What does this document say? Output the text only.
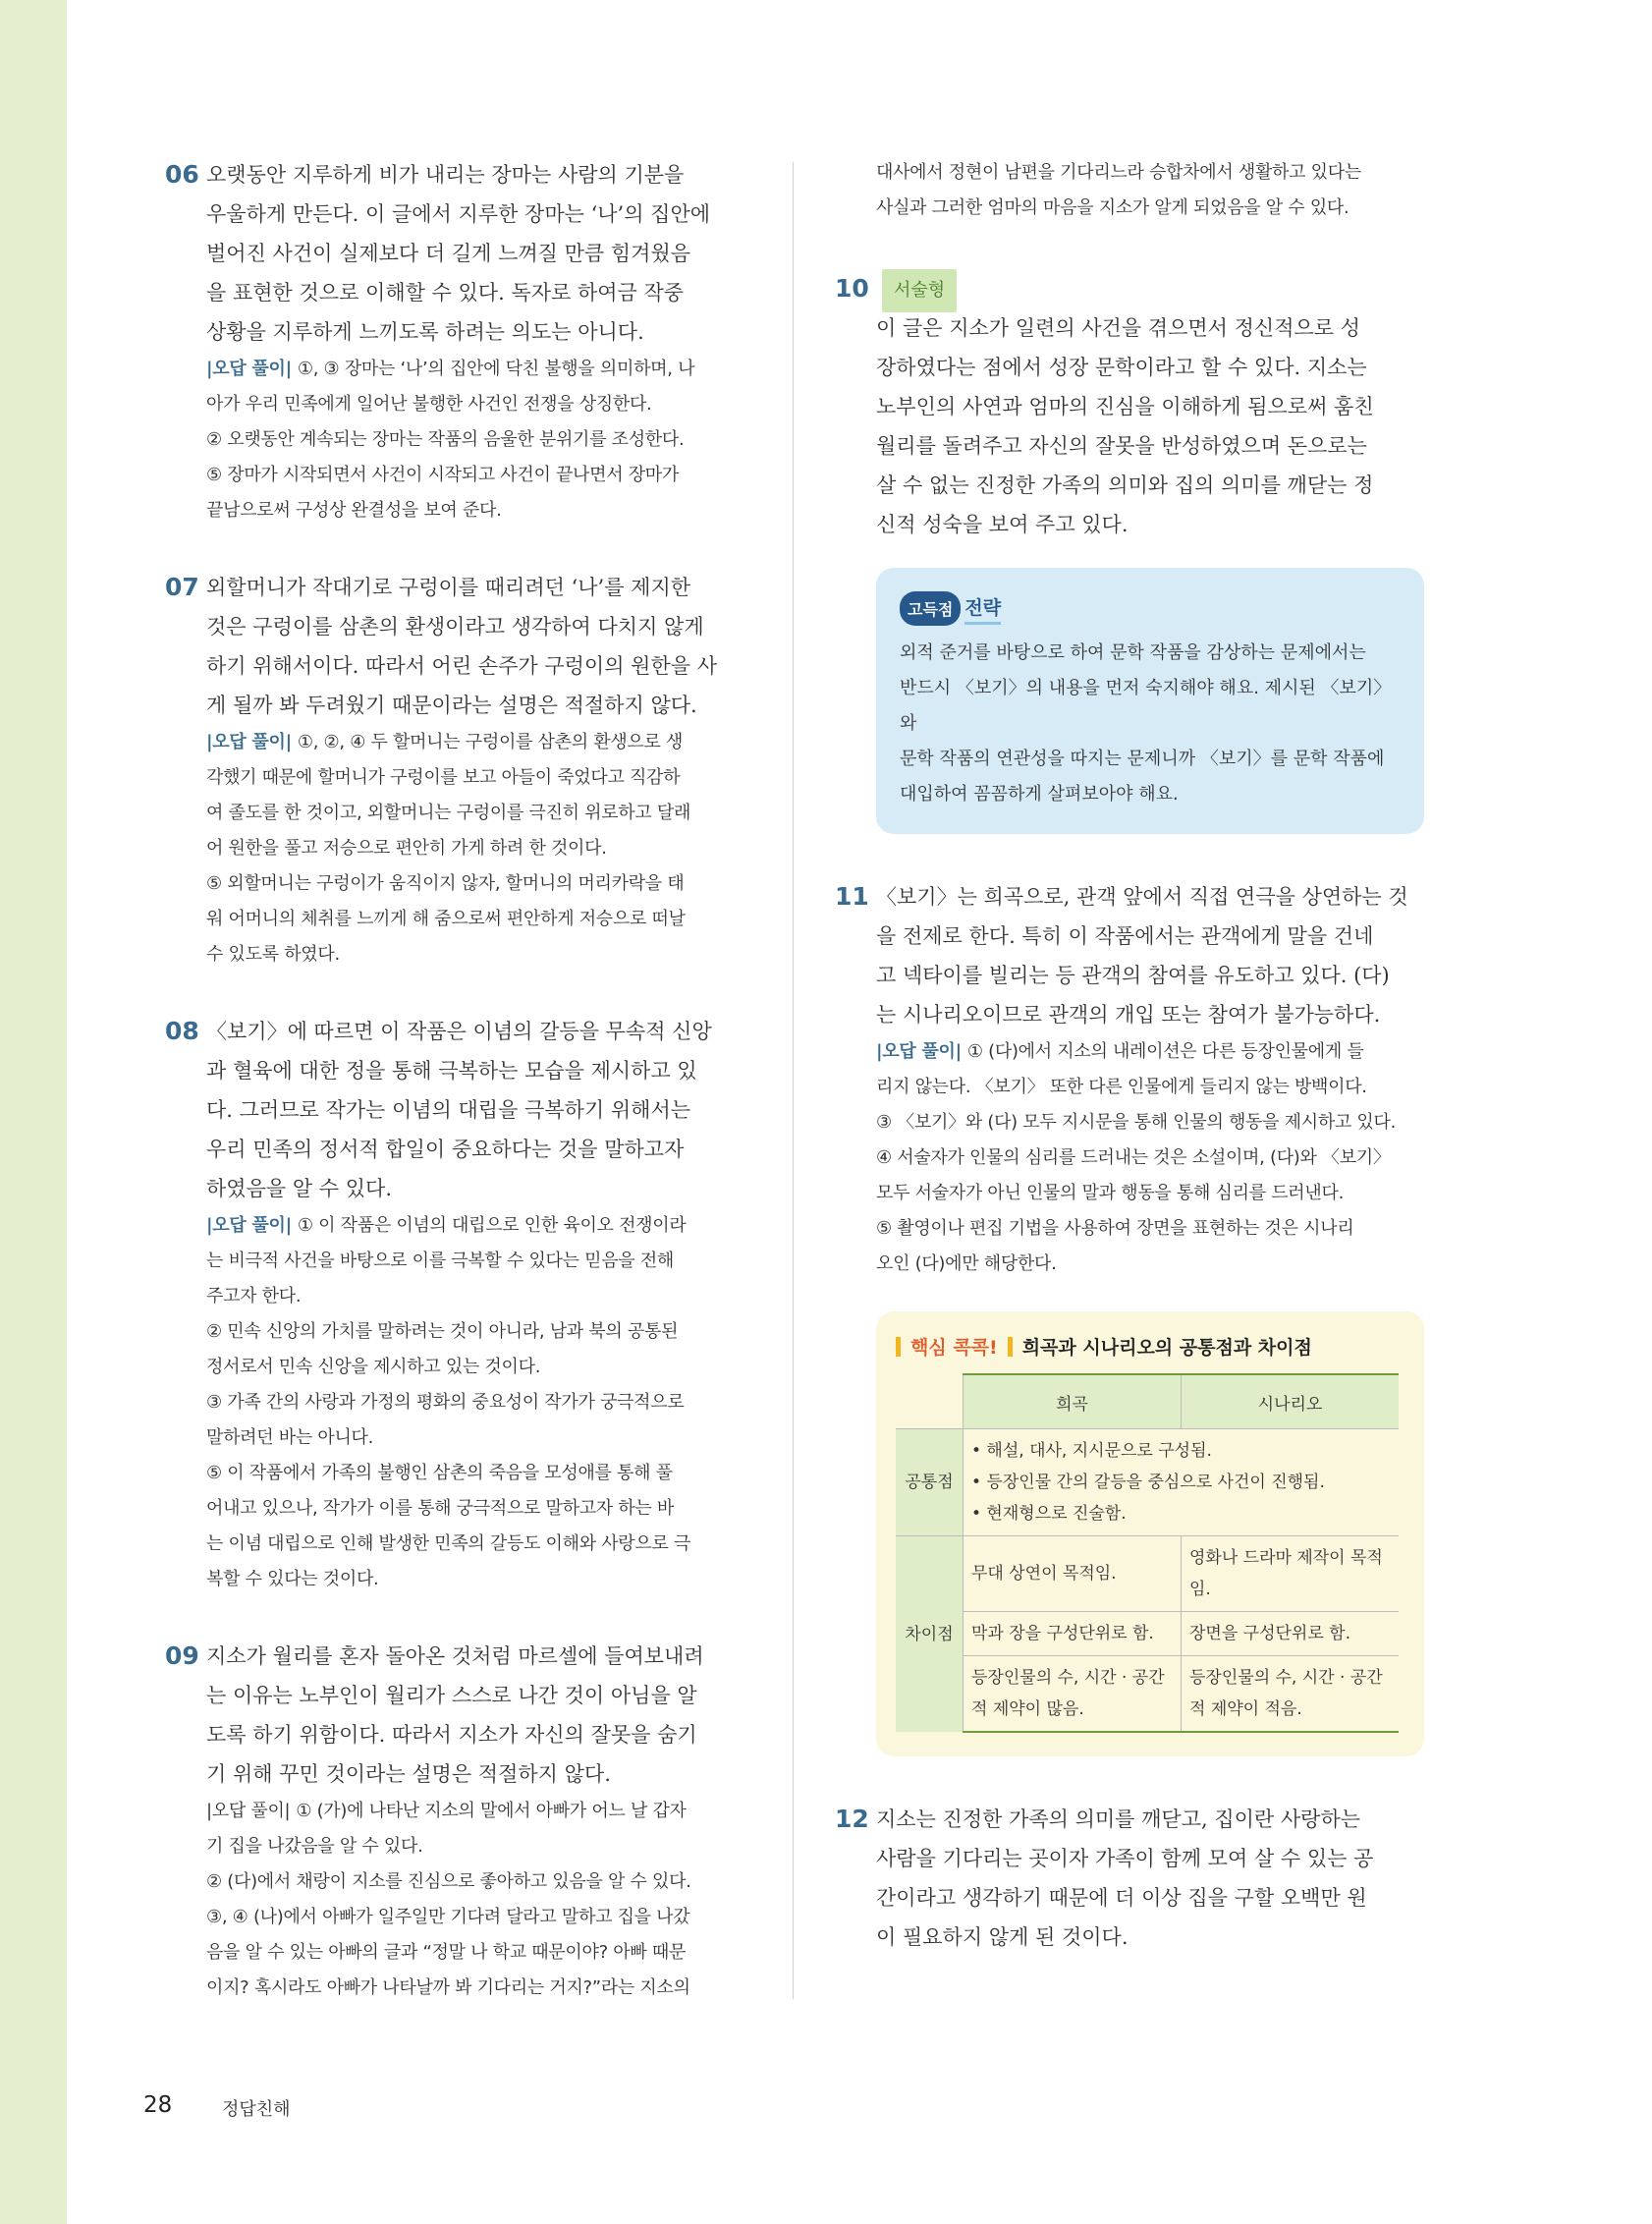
06 오랫동안 지루하게 비가 내리는 장마는 사람의 기분을
우울하게 만든다. 이 글에서 지루한 장마는 ‘나’의 집안에
벌어진 사건이 실제보다 더 길게 느껴질 만큼 힘겨웠음
을 표현한 것으로 이해할 수 있다. 독자로 하여금 작중
상황을 지루하게 느끼도록 하려는 의도는 아니다.

|오답 풀이| ①, ③ 장마는 ‘나’의 집안에 닥친 불행을 의미하며, 나
아가 우리 민족에게 일어난 불행한 사건인 전쟁을 상징한다.
② 오랫동안 계속되는 장마는 작품의 음울한 분위기를 조성한다.
⑤ 장마가 시작되면서 사건이 시작되고 사건이 끝나면서 장마가
끝남으로써 구성상 완결성을 보여 준다.

07 외할머니가 작대기로 구렁이를 때리려던 ‘나’를 제지한
것은 구렁이를 삼촌의 환생이라고 생각하여 다치지 않게
하기 위해서이다. 따라서 어린 손주가 구렁이의 원한을 사
게 될까 봐 두려웠기 때문이라는 설명은 적절하지 않다.

|오답 풀이| ①, ②, ④ 두 할머니는 구렁이를 삼촌의 환생으로 생
각했기 때문에 할머니가 구렁이를 보고 아들이 죽었다고 직감하
여 졸도를 한 것이고, 외할머니는 구렁이를 극진히 위로하고 달래
어 원한을 풀고 저승으로 편안히 가게 하려 한 것이다.
⑤ 외할머니는 구렁이가 움직이지 않자, 할머니의 머리카락을 태
워 어머니의 체취를 느끼게 해 줌으로써 편안하게 저승으로 떠날
수 있도록 하였다.

08 〈보기〉에 따르면 이 작품은 이념의 갈등을 무속적 신앙
과 혈육에 대한 정을 통해 극복하는 모습을 제시하고 있
다. 그러므로 작가는 이념의 대립을 극복하기 위해서는
우리 민족의 정서적 합일이 중요하다는 것을 말하고자
하였음을 알 수 있다.

|오답 풀이| ① 이 작품은 이념의 대립으로 인한 육이오 전쟁이라
는 비극적 사건을 바탕으로 이를 극복할 수 있다는 믿음을 전해
주고자 한다.
② 민속 신앙의 가치를 말하려는 것이 아니라, 남과 북의 공통된
정서로서 민속 신앙을 제시하고 있는 것이다.
③ 가족 간의 사랑과 가정의 평화의 중요성이 작가가 궁극적으로
말하려던 바는 아니다.
⑤ 이 작품에서 가족의 불행인 삼촌의 죽음을 모성애를 통해 풀
어내고 있으나, 작가가 이를 통해 궁극적으로 말하고자 하는 바
는 이념 대립으로 인해 발생한 민족의 갈등도 이해와 사랑으로 극
복할 수 있다는 것이다.

09 지소가 월리를 혼자 돌아온 것처럼 마르셀에 들여보내려
는 이유는 노부인이 월리가 스스로 나간 것이 아님을 알
도록 하기 위함이다. 따라서 지소가 자신의 잘못을 숨기
기 위해 꾸민 것이라는 설명은 적절하지 않다.

|오답 풀이| ① (가)에 나타난 지소의 말에서 아빠가 어느 날 갑자
기 집을 나갔음을 알 수 있다.
② (다)에서 채랑이 지소를 진심으로 좋아하고 있음을 알 수 있다.
③, ④ (나)에서 아빠가 일주일만 기다려 달라고 말하고 집을 나갔
음을 알 수 있는 아빠의 글과 “정말 나 학교 때문이야? 아빠 때문
이지? 혹시라도 아빠가 나타날까 봐 기다리는 거지?”라는 지소의

대사에서 정현이 남편을 기다리느라 승합차에서 생활하고 있다는
사실과 그러한 엄마의 마음을 지소가 알게 되었음을 알 수 있다.

10	서술형

이 글은 지소가 일련의 사건을 겪으면서 정신적으로 성
장하였다는 점에서 성장 문학이라고 할 수 있다. 지소는
노부인의 사연과 엄마의 진심을 이해하게 됨으로써 훔친
월리를 돌려주고 자신의 잘못을 반성하였으며 돈으로는
살 수 없는 진정한 가족의 의미와 집의 의미를 깨닫는 정
신적 성숙을 보여 주고 있다.

고득점 전략

외적 준거를 바탕으로 하여 문학 작품을 감상하는 문제에서는
반드시 〈보기〉의 내용을 먼저 숙지해야 해요. 제시된 〈보기〉와
문학 작품의 연관성을 따지는 문제니까 〈보기〉를 문학 작품에
대입하여 꼼꼼하게 살펴보아야 해요.

11 〈보기〉는 희곡으로, 관객 앞에서 직접 연극을 상연하는 것
을 전제로 한다. 특히 이 작품에서는 관객에게 말을 건네
고 넥타이를 빌리는 등 관객의 참여를 유도하고 있다. (다)
는 시나리오이므로 관객의 개입 또는 참여가 불가능하다.

|오답 풀이| ① (다)에서 지소의 내레이션은 다른 등장인물에게 들
리지 않는다. 〈보기〉 또한 다른 인물에게 들리지 않는 방백이다.
③ 〈보기〉와 (다) 모두 지시문을 통해 인물의 행동을 제시하고 있다.
④ 서술자가 인물의 심리를 드러내는 것은 소설이며, (다)와 〈보기〉
모두 서술자가 아닌 인물의 말과 행동을 통해 심리를 드러낸다.
⑤ 촬영이나 편집 기법을 사용하여 장면을 표현하는 것은 시나리
오인 (다)에만 해당한다.

핵심 콕콕! 희곡과 시나리오의 공통점과 차이점
	희곡	시나리오
공통점	• 해설, 대사, 지시문으로 구성됨.
• 등장인물 간의 갈등을 중심으로 사건이 진행됨.
• 현재형으로 진술함.	

차이점	무대 상연이 목적임.	영화나 드라마 제작이 목적임.
	막과 장을 구성단위로 함.	장면을 구성단위로 함.
	등장인물의 수, 시간 · 공간적 제약이 많음.	등장인물의 수, 시간 · 공간적 제약이 적음.
12 지소는 진정한 가족의 의미를 깨닫고, 집이란 사랑하는
사람을 기다리는 곳이자 가족이 함께 모여 살 수 있는 공
간이라고 생각하기 때문에 더 이상 집을 구할 오백만 원
이 필요하지 않게 된 것이다.

28	정답친해
